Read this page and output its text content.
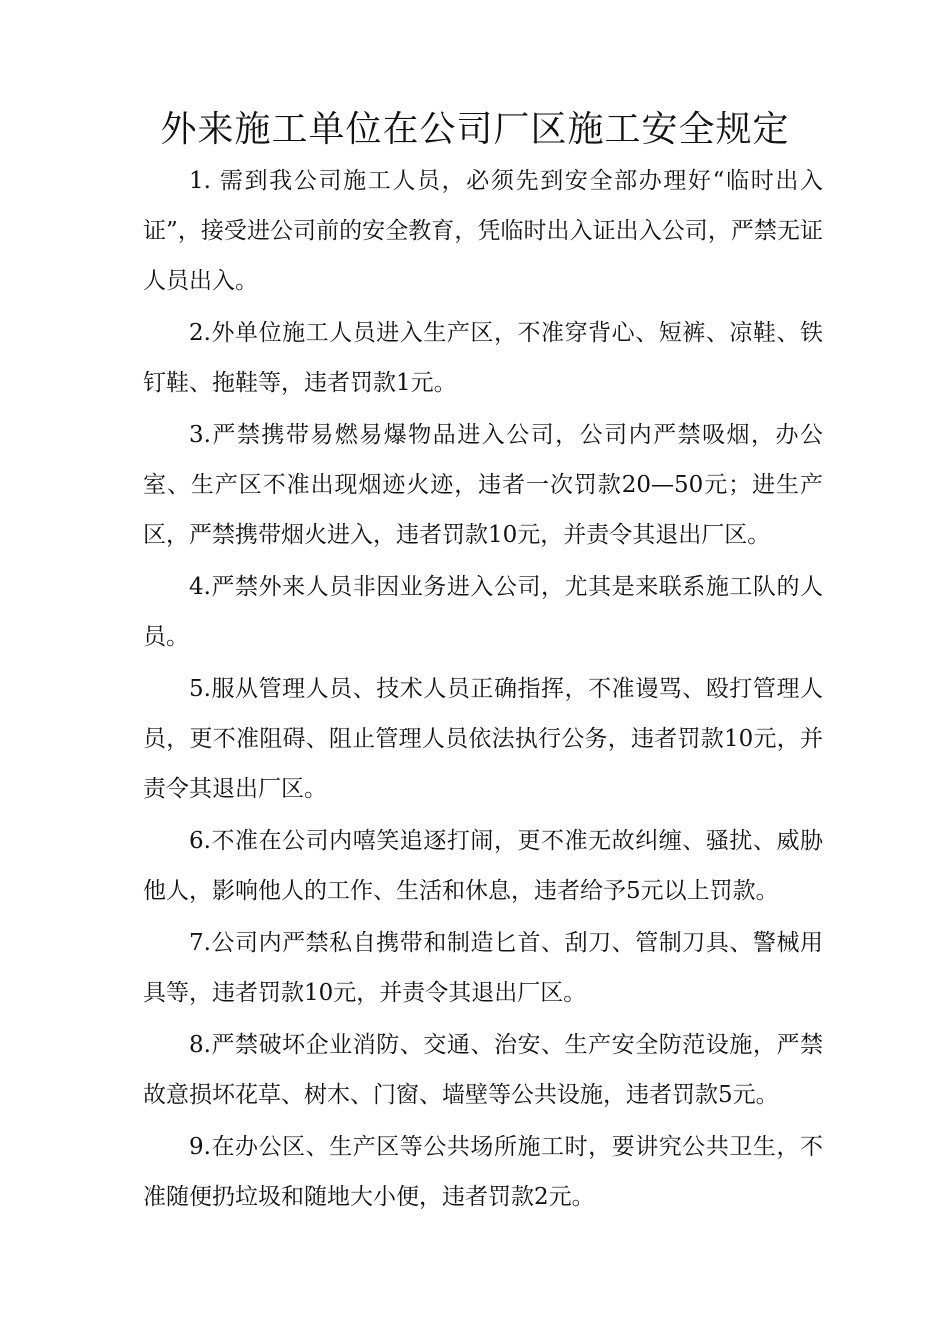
外来施工单位在公司厂区施工安全规定
1. 需到我公司施工人员，必须先到安全部办理好“临时出入证”，接受进公司前的安全教育，凭临时出入证出入公司，严禁无证人员出入。
2.外单位施工人员进入生产区，不准穿背心、短裤、凉鞋、铁钉鞋、拖鞋等，违者罚款1元。
3.严禁携带易燃易爆物品进入公司，公司内严禁吸烟，办公室、生产区不准出现烟迹火迹，违者一次罚款20—50元；进生产区，严禁携带烟火进入，违者罚款10元，并责令其退出厂区。
4.严禁外来人员非因业务进入公司，尤其是来联系施工队的人员。
5.服从管理人员、技术人员正确指挥，不准谩骂、殴打管理人员，更不准阻碍、阻止管理人员依法执行公务，违者罚款10元，并责令其退出厂区。
6.不准在公司内嘻笑追逐打闹，更不准无故纠缠、骚扰、威胁他人，影响他人的工作、生活和休息，违者给予5元以上罚款。
7.公司内严禁私自携带和制造匕首、刮刀、管制刀具、警械用具等，违者罚款10元，并责令其退出厂区。
8.严禁破坏企业消防、交通、治安、生产安全防范设施，严禁故意损坏花草、树木、门窗、墙壁等公共设施，违者罚款5元。
9.在办公区、生产区等公共场所施工时，要讲究公共卫生，不准随便扔垃圾和随地大小便，违者罚款2元。
